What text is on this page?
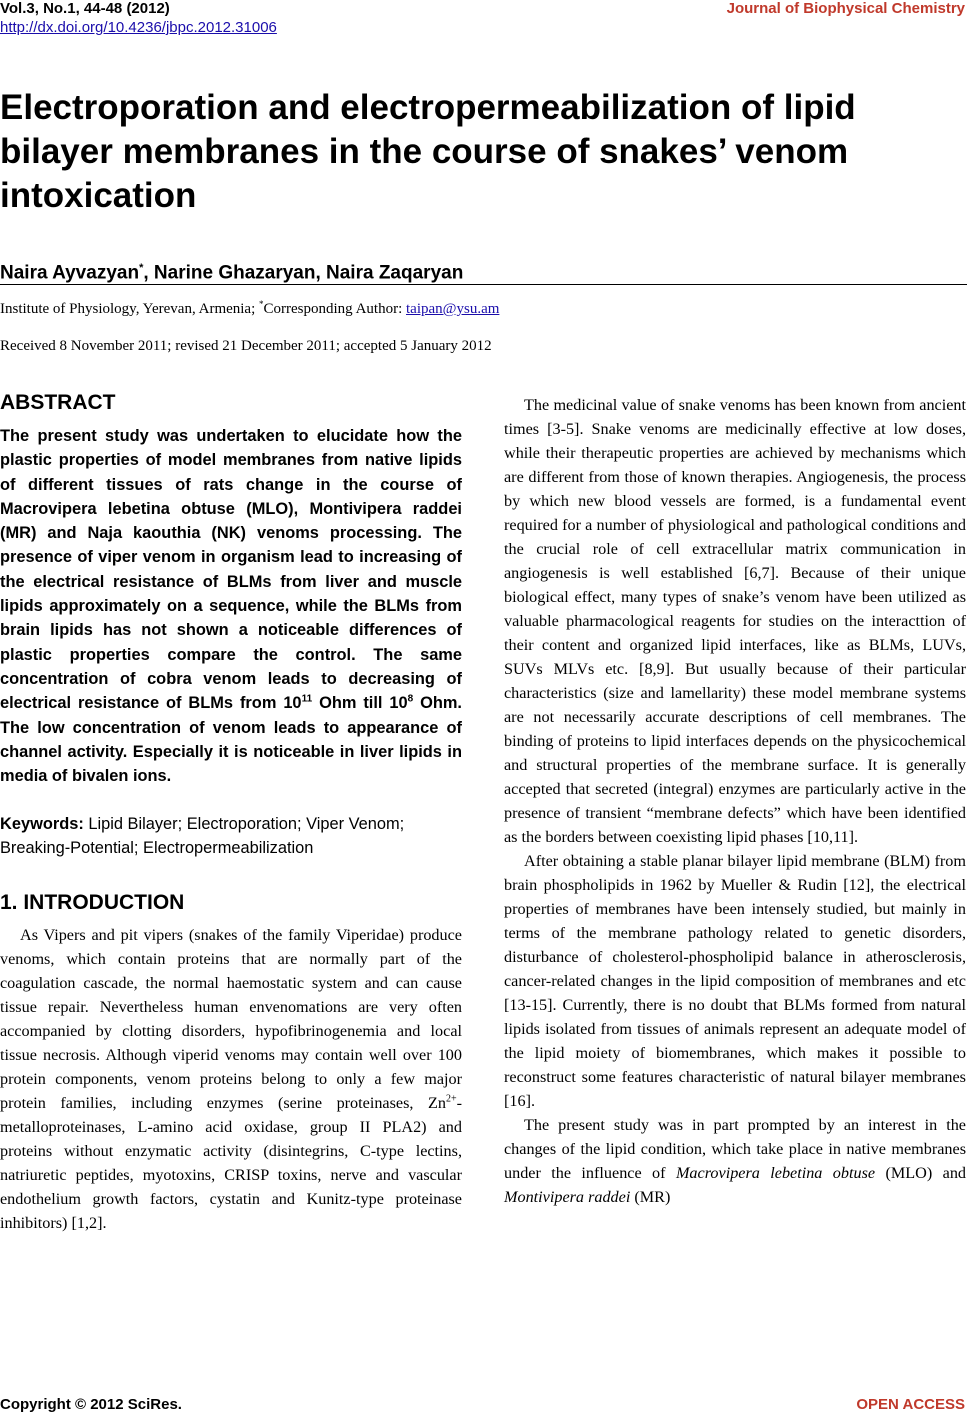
Vol.3, No.1, 44-48 (2012)
http://dx.doi.org/10.4236/jbpc.2012.31006
Journal of Biophysical Chemistry
Electroporation and electropermeabilization of lipid bilayer membranes in the course of snakes’ venom intoxication
Naira Ayvazyan*, Narine Ghazaryan, Naira Zaqaryan
Institute of Physiology, Yerevan, Armenia; *Corresponding Author: taipan@ysu.am
Received 8 November 2011; revised 21 December 2011; accepted 5 January 2012
ABSTRACT

The present study was undertaken to elucidate how the plastic properties of model membranes from native lipids of different tissues of rats change in the course of Macrovipera lebetina obtuse (MLO), Montivipera raddei (MR) and Naja kaouthia (NK) venoms processing. The presence of viper venom in organism lead to increasing of the electrical resistance of BLMs from liver and muscle lipids approximately on a sequence, while the BLMs from brain lipids has not shown a noticeable differences of plastic properties compare the control. The same concentration of cobra venom leads to decreasing of electrical resistance of BLMs from $10^{11}$ Ohm till $10^8$ Ohm. The low concentration of venom leads to appearance of channel activity. Especially it is noticeable in liver lipids in media of bivalen ions.

Keywords: Lipid Bilayer; Electroporation; Viper Venom; Breaking-Potential; Electropermeabilization

1. INTRODUCTION

As Vipers and pit vipers (snakes of the family Viperidae) produce venoms, which contain proteins that are normally part of the coagulation cascade, the normal haemostatic system and can cause tissue repair. Nevertheless human envenomations are very often accompanied by clotting disorders, hypofibrinogenemia and local tissue necrosis. Although viperid venoms may contain well over 100 protein components, venom proteins belong to only a few major protein families, including enzymes (serine proteinases, $Zn^{2+}$-metalloproteinases, L-amino acid oxidase, group II PLA2) and proteins without enzymatic activity (disintegrins, C-type lectins, natriuretic peptides, myotoxins, CRISP toxins, nerve and vascular endothelium growth factors, cystatin and Kunitz-type proteinase inhibitors) [1,2].

The medicinal value of snake venoms has been known from ancient times [3-5]. Snake venoms are medicinally effective at low doses, while their therapeutic properties are achieved by mechanisms which are different from those of known therapies. Angiogenesis, the process by which new blood vessels are formed, is a fundamental event required for a number of physiological and pathological conditions and the crucial role of cell extracellular matrix communication in angiogenesis is well established [6,7]. Because of their unique biological effect, many types of snake’s venom have been utilized as valuable pharmacological reagents for studies on the interacttion of their content and organized lipid interfaces, like as BLMs, LUVs, SUVs MLVs etc. [8,9]. But usually because of their particular characteristics (size and lamellarity) these model membrane systems are not necessarily accurate descriptions of cell membranes. The binding of proteins to lipid interfaces depends on the physicochemical and structural properties of the membrane surface. It is generally accepted that secreted (integral) enzymes are particularly active in the presence of transient “membrane defects” which have been identified as the borders between coexisting lipid phases [10,11].

After obtaining a stable planar bilayer lipid membrane (BLM) from brain phospholipids in 1962 by Mueller & Rudin [12], the electrical properties of membranes have been intensely studied, but mainly in terms of the membrane pathology related to genetic disorders, disturbance of cholesterol-phospholipid balance in atherosclerosis, cancer-related changes in the lipid composition of membranes and etc [13-15]. Currently, there is no doubt that BLMs formed from natural lipids isolated from tissues of animals represent an adequate model of the lipid moiety of biomembranes, which makes it possible to reconstruct some features characteristic of natural bilayer membranes [16].

The present study was in part prompted by an interest in the changes of the lipid condition, which take place in native membranes under the influence of Macrovipera lebetina obtuse (MLO) and Montivipera raddei (MR)

Copyright © 2012 SciRes.	OPEN ACCESS
